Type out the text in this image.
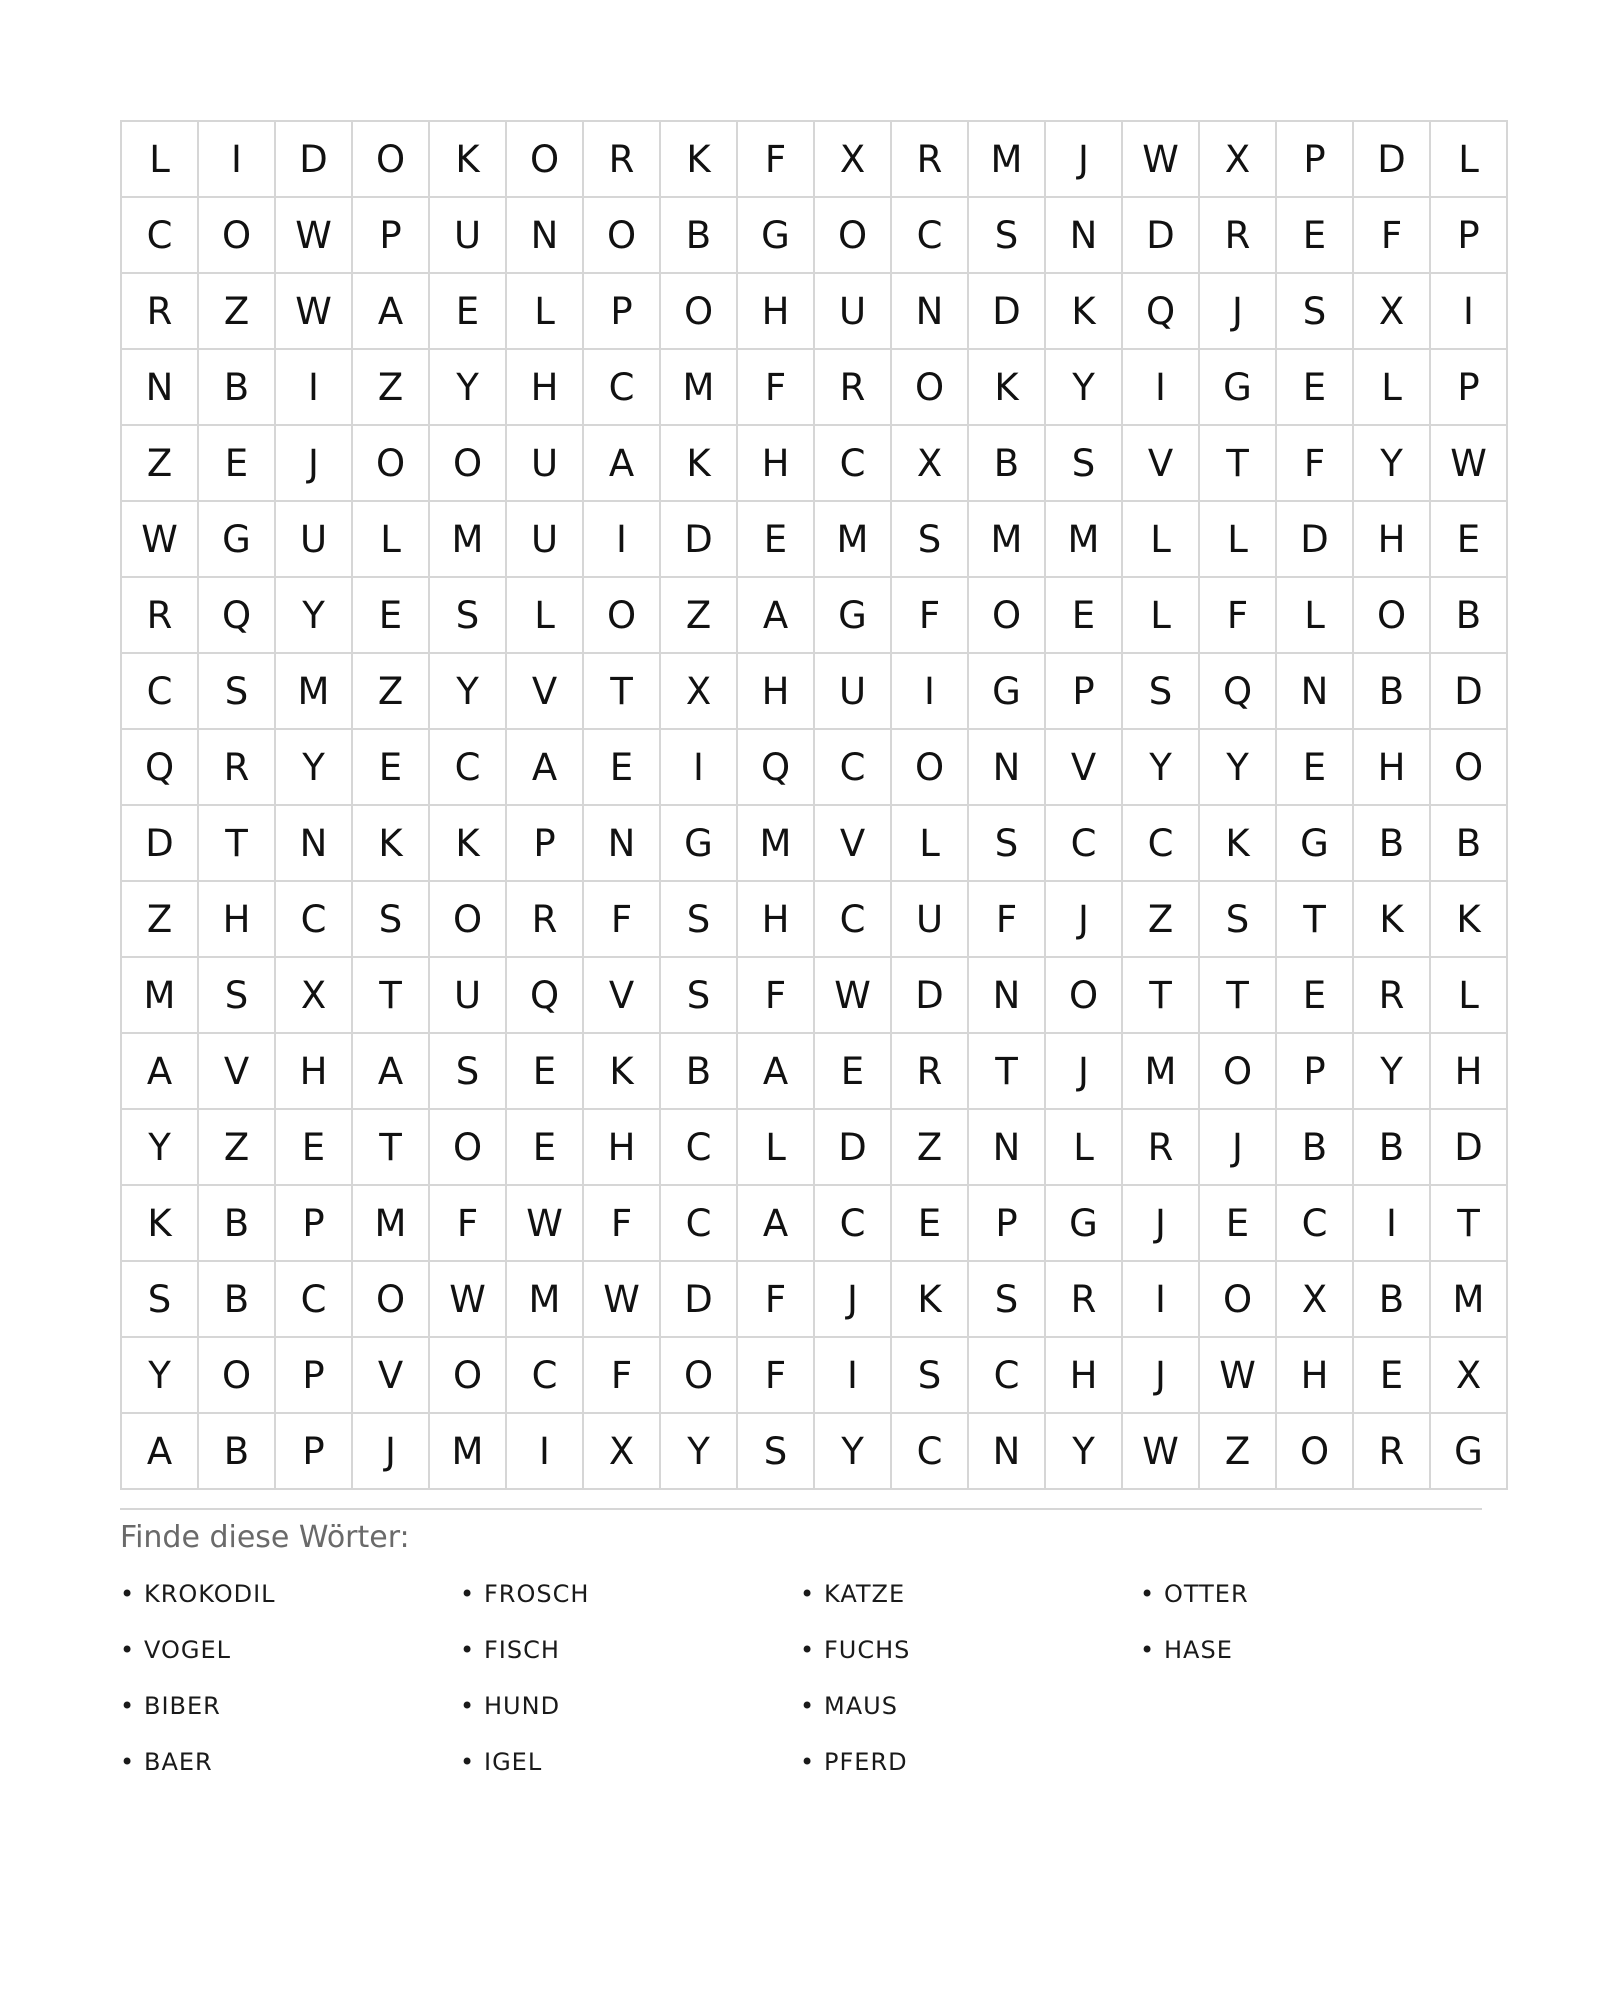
L	I	D	O	K	O	R	K	F	X	R	M	J	W	X	P	D	L
C	O	W	P	U	N	O	B	G	O	C	S	N	D	R	E	F	P
R	Z	W	A	E	L	P	O	H	U	N	D	K	Q	J	S	X	I
N	B	I	Z	Y	H	C	M	F	R	O	K	Y	I	G	E	L	P
Z	E	J	O	O	U	A	K	H	C	X	B	S	V	T	F	Y	W
W	G	U	L	M	U	I	D	E	M	S	M	M	L	L	D	H	E
R	Q	Y	E	S	L	O	Z	A	G	F	O	E	L	F	L	O	B
C	S	M	Z	Y	V	T	X	H	U	I	G	P	S	Q	N	B	D
Q	R	Y	E	C	A	E	I	Q	C	O	N	V	Y	Y	E	H	O
D	T	N	K	K	P	N	G	M	V	L	S	C	C	K	G	B	B
Z	H	C	S	O	R	F	S	H	C	U	F	J	Z	S	T	K	K
M	S	X	T	U	Q	V	S	F	W	D	N	O	T	T	E	R	L
A	V	H	A	S	E	K	B	A	E	R	T	J	M	O	P	Y	H
Y	Z	E	T	O	E	H	C	L	D	Z	N	L	R	J	B	B	D
K	B	P	M	F	W	F	C	A	C	E	P	G	J	E	C	I	T
S	B	C	O	W	M	W	D	F	J	K	S	R	I	O	X	B	M
Y	O	P	V	O	C	F	O	F	I	S	C	H	J	W	H	E	X
A	B	P	J	M	I	X	Y	S	Y	C	N	Y	W	Z	O	R	G
Finde diese Wörter:
• KROKODIL
• VOGEL
• BIBER
• BAER
• FROSCH
• FISCH
• HUND
• IGEL
• KATZE
• FUCHS
• MAUS
• PFERD
• OTTER
• HASE
